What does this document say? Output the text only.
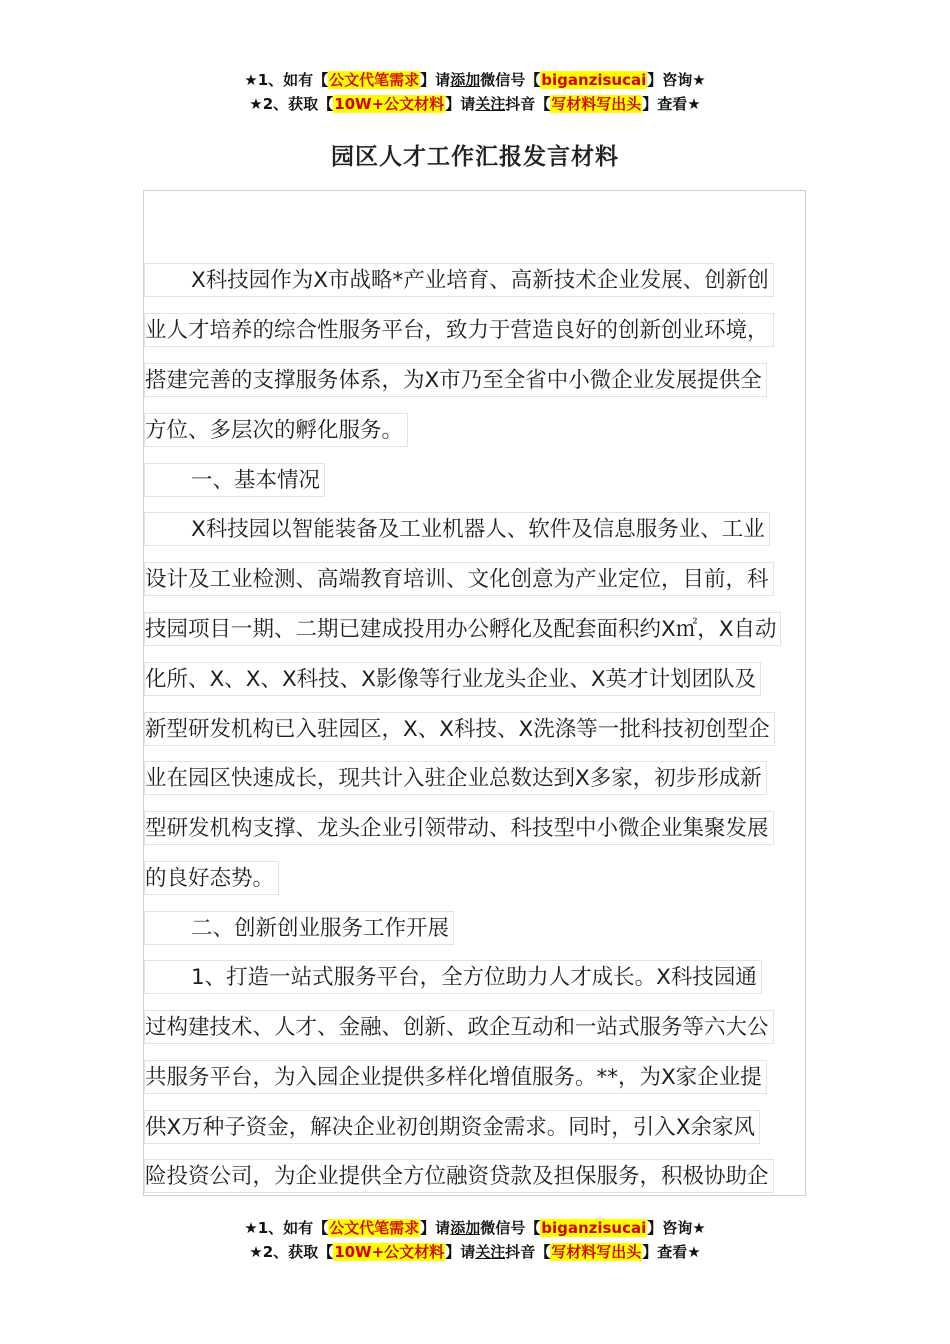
★1、如有【公文代笔需求】请添加微信号【biganzisucai】咨询★
★2、获取【10W+公文材料】请关注抖音【写材料写出头】查看★
园区人才工作汇报发言材料
X科技园作为X市战略*产业培育、高新技术企业发展、创新创
业人才培养的综合性服务平台，致力于营造良好的创新创业环境，
搭建完善的支撑服务体系，为X市乃至全省中小微企业发展提供全
方位、多层次的孵化服务。
一、基本情况
X科技园以智能装备及工业机器人、软件及信息服务业、工业
设计及工业检测、高端教育培训、文化创意为产业定位，目前，科
技园项目一期、二期已建成投用办公孵化及配套面积约X㎡，X自动
化所、X、X、X科技、X影像等行业龙头企业、X英才计划团队及
新型研发机构已入驻园区，X、X科技、X洗涤等一批科技初创型企
业在园区快速成长，现共计入驻企业总数达到X多家，初步形成新
型研发机构支撑、龙头企业引领带动、科技型中小微企业集聚发展
的良好态势。
二、创新创业服务工作开展
1、打造一站式服务平台，全方位助力人才成长。X科技园通
过构建技术、人才、金融、创新、政企互动和一站式服务等六大公
共服务平台，为入园企业提供多样化增值服务。**，为X家企业提
供X万种子资金，解决企业初创期资金需求。同时，引入X余家风
险投资公司，为企业提供全方位融资贷款及担保服务，积极协助企
★1、如有【公文代笔需求】请添加微信号【biganzisucai】咨询★
★2、获取【10W+公文材料】请关注抖音【写材料写出头】查看★
